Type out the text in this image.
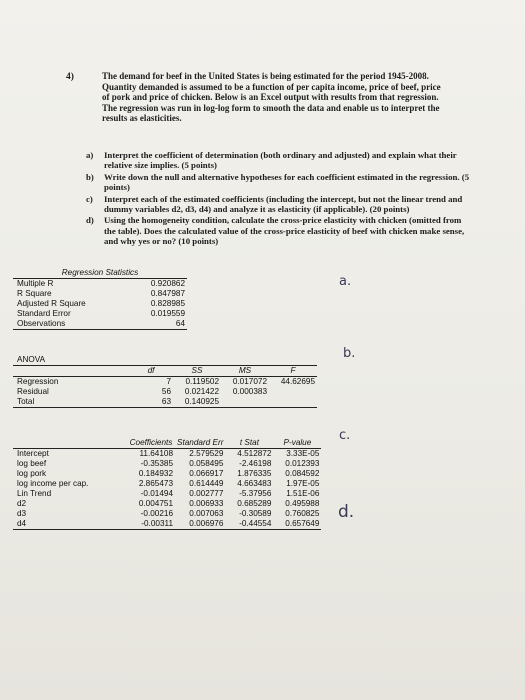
4)	The demand for beef in the United States is being estimated for the period 1945-2008. Quantity demanded is assumed to be a function of per capita income, price of beef, price of pork and price of chicken. Below is an Excel output with results from that regression. The regression was run in log-log form to smooth the data and enable us to interpret the results as elasticities.

a) Interpret the coefficient of determination (both ordinary and adjusted) and explain what their relative size implies. (5 points)
b) Write down the null and alternative hypotheses for each coefficient estimated in the regression. (5 points)
c) Interpret each of the estimated coefficients (including the intercept, but not the linear trend and dummy variables d2, d3, d4) and analyze it as elasticity (if applicable). (20 points)
d) Using the homogeneity condition, calculate the cross-price elasticity with chicken (omitted from the table). Does the calculated value of the cross-price elasticity of beef with chicken make sense, and why yes or no? (10 points)
Regression Statistics	
Multiple R	0.920862
R Square	0.847987
Adjusted R Square	0.828985
Standard Error	0.019559
Observations	64
ANOVA				
	df	SS	MS	F
Regression	7	0.119502	0.017072	44.62695
Residual	56	0.021422	0.000383	
Total	63	0.140925		
	Coefficients	Standard Err	t Stat	P-value
Intercept	11.64108	2.579529	4.512872	3.33E-05
log beef	-0.35385	0.058495	-2.46198	0.012393
log pork	0.184932	0.066917	1.876335	0.084592
log income per cap.	2.865473	0.614449	4.663483	1.97E-05
Lin Trend	-0.01494	0.002777	-5.37956	1.51E-06
d2	0.004751	0.006933	0.685289	0.495988
d3	-0.00216	0.007063	-0.30589	0.760825
d4	-0.00311	0.006976	-0.44554	0.657649
a.
b.
c.
d.
